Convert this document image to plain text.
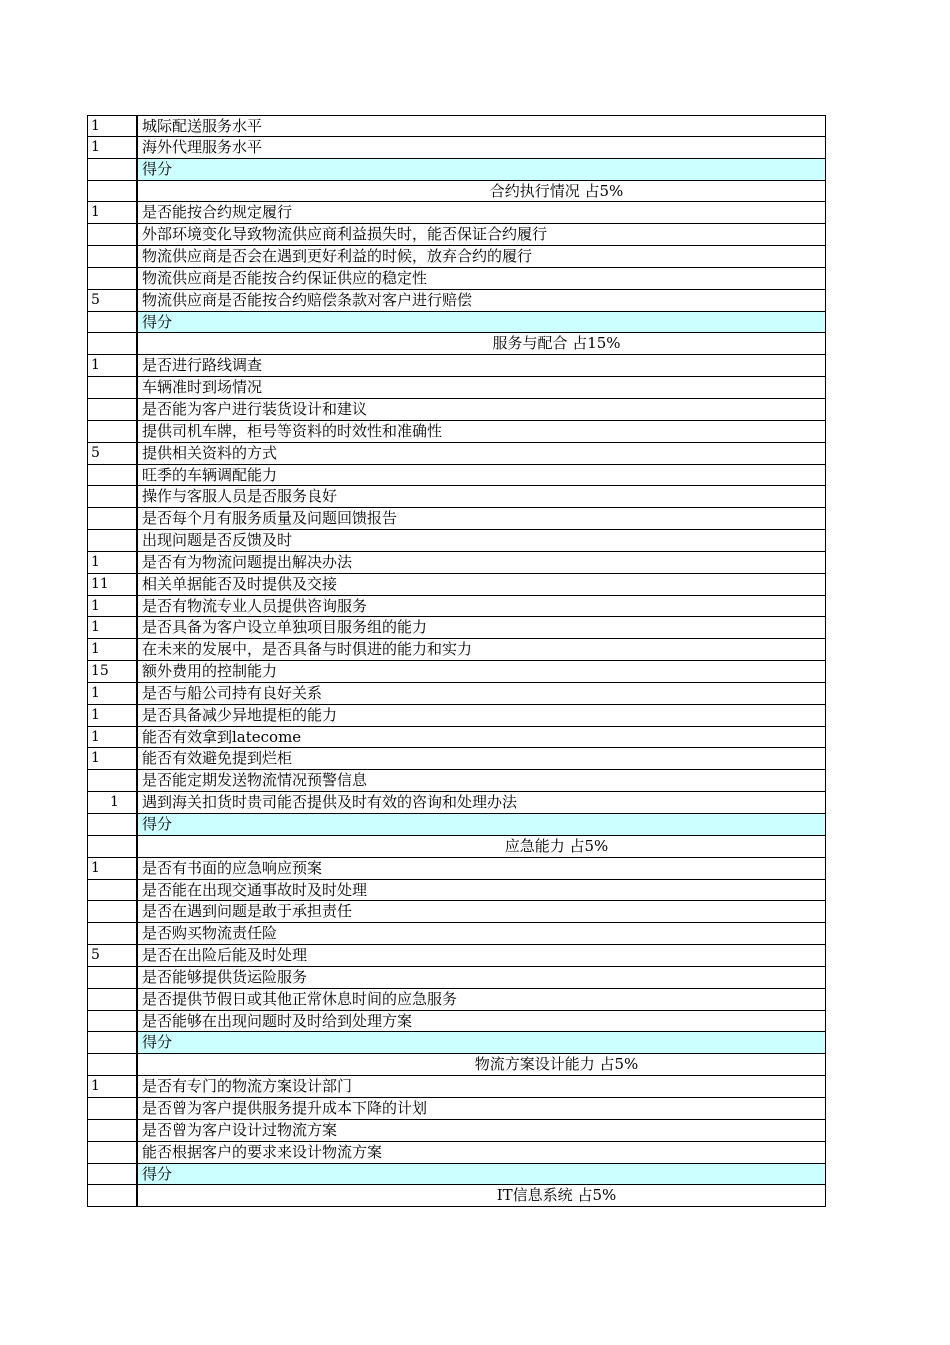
1	城际配送服务水平
1	海外代理服务水平
得分
合约执行情况 占5%
1	是否能按合约规定履行
外部环境变化导致物流供应商利益损失时，能否保证合约履行
物流供应商是否会在遇到更好利益的时候，放弃合约的履行
物流供应商是否能按合约保证供应的稳定性
5	物流供应商是否能按合约赔偿条款对客户进行赔偿
得分
服务与配合 占15%
1	是否进行路线调查
车辆准时到场情况
是否能为客户进行装货设计和建议
提供司机车牌，柜号等资料的时效性和准确性
5	提供相关资料的方式
旺季的车辆调配能力
操作与客服人员是否服务良好
是否每个月有服务质量及问题回馈报告
出现问题是否反馈及时
1	是否有为物流问题提出解决办法
11	相关单据能否及时提供及交接
1	是否有物流专业人员提供咨询服务
1	是否具备为客户设立单独项目服务组的能力
1	在未来的发展中，是否具备与时俱进的能力和实力
15	额外费用的控制能力
1	是否与船公司持有良好关系
1	是否具备减少异地提柜的能力
1	能否有效拿到latecome
1	能否有效避免提到烂柜
是否能定期发送物流情况预警信息
1	遇到海关扣货时贵司能否提供及时有效的咨询和处理办法
得分
应急能力 占5%
1	是否有书面的应急响应预案
是否能在出现交通事故时及时处理
是否在遇到问题是敢于承担责任
是否购买物流责任险
5	是否在出险后能及时处理
是否能够提供货运险服务
是否提供节假日或其他正常休息时间的应急服务
是否能够在出现问题时及时给到处理方案
得分
物流方案设计能力 占5%
1	是否有专门的物流方案设计部门
是否曾为客户提供服务提升成本下降的计划
是否曾为客户设计过物流方案
能否根据客户的要求来设计物流方案
得分
IT信息系统 占5%
